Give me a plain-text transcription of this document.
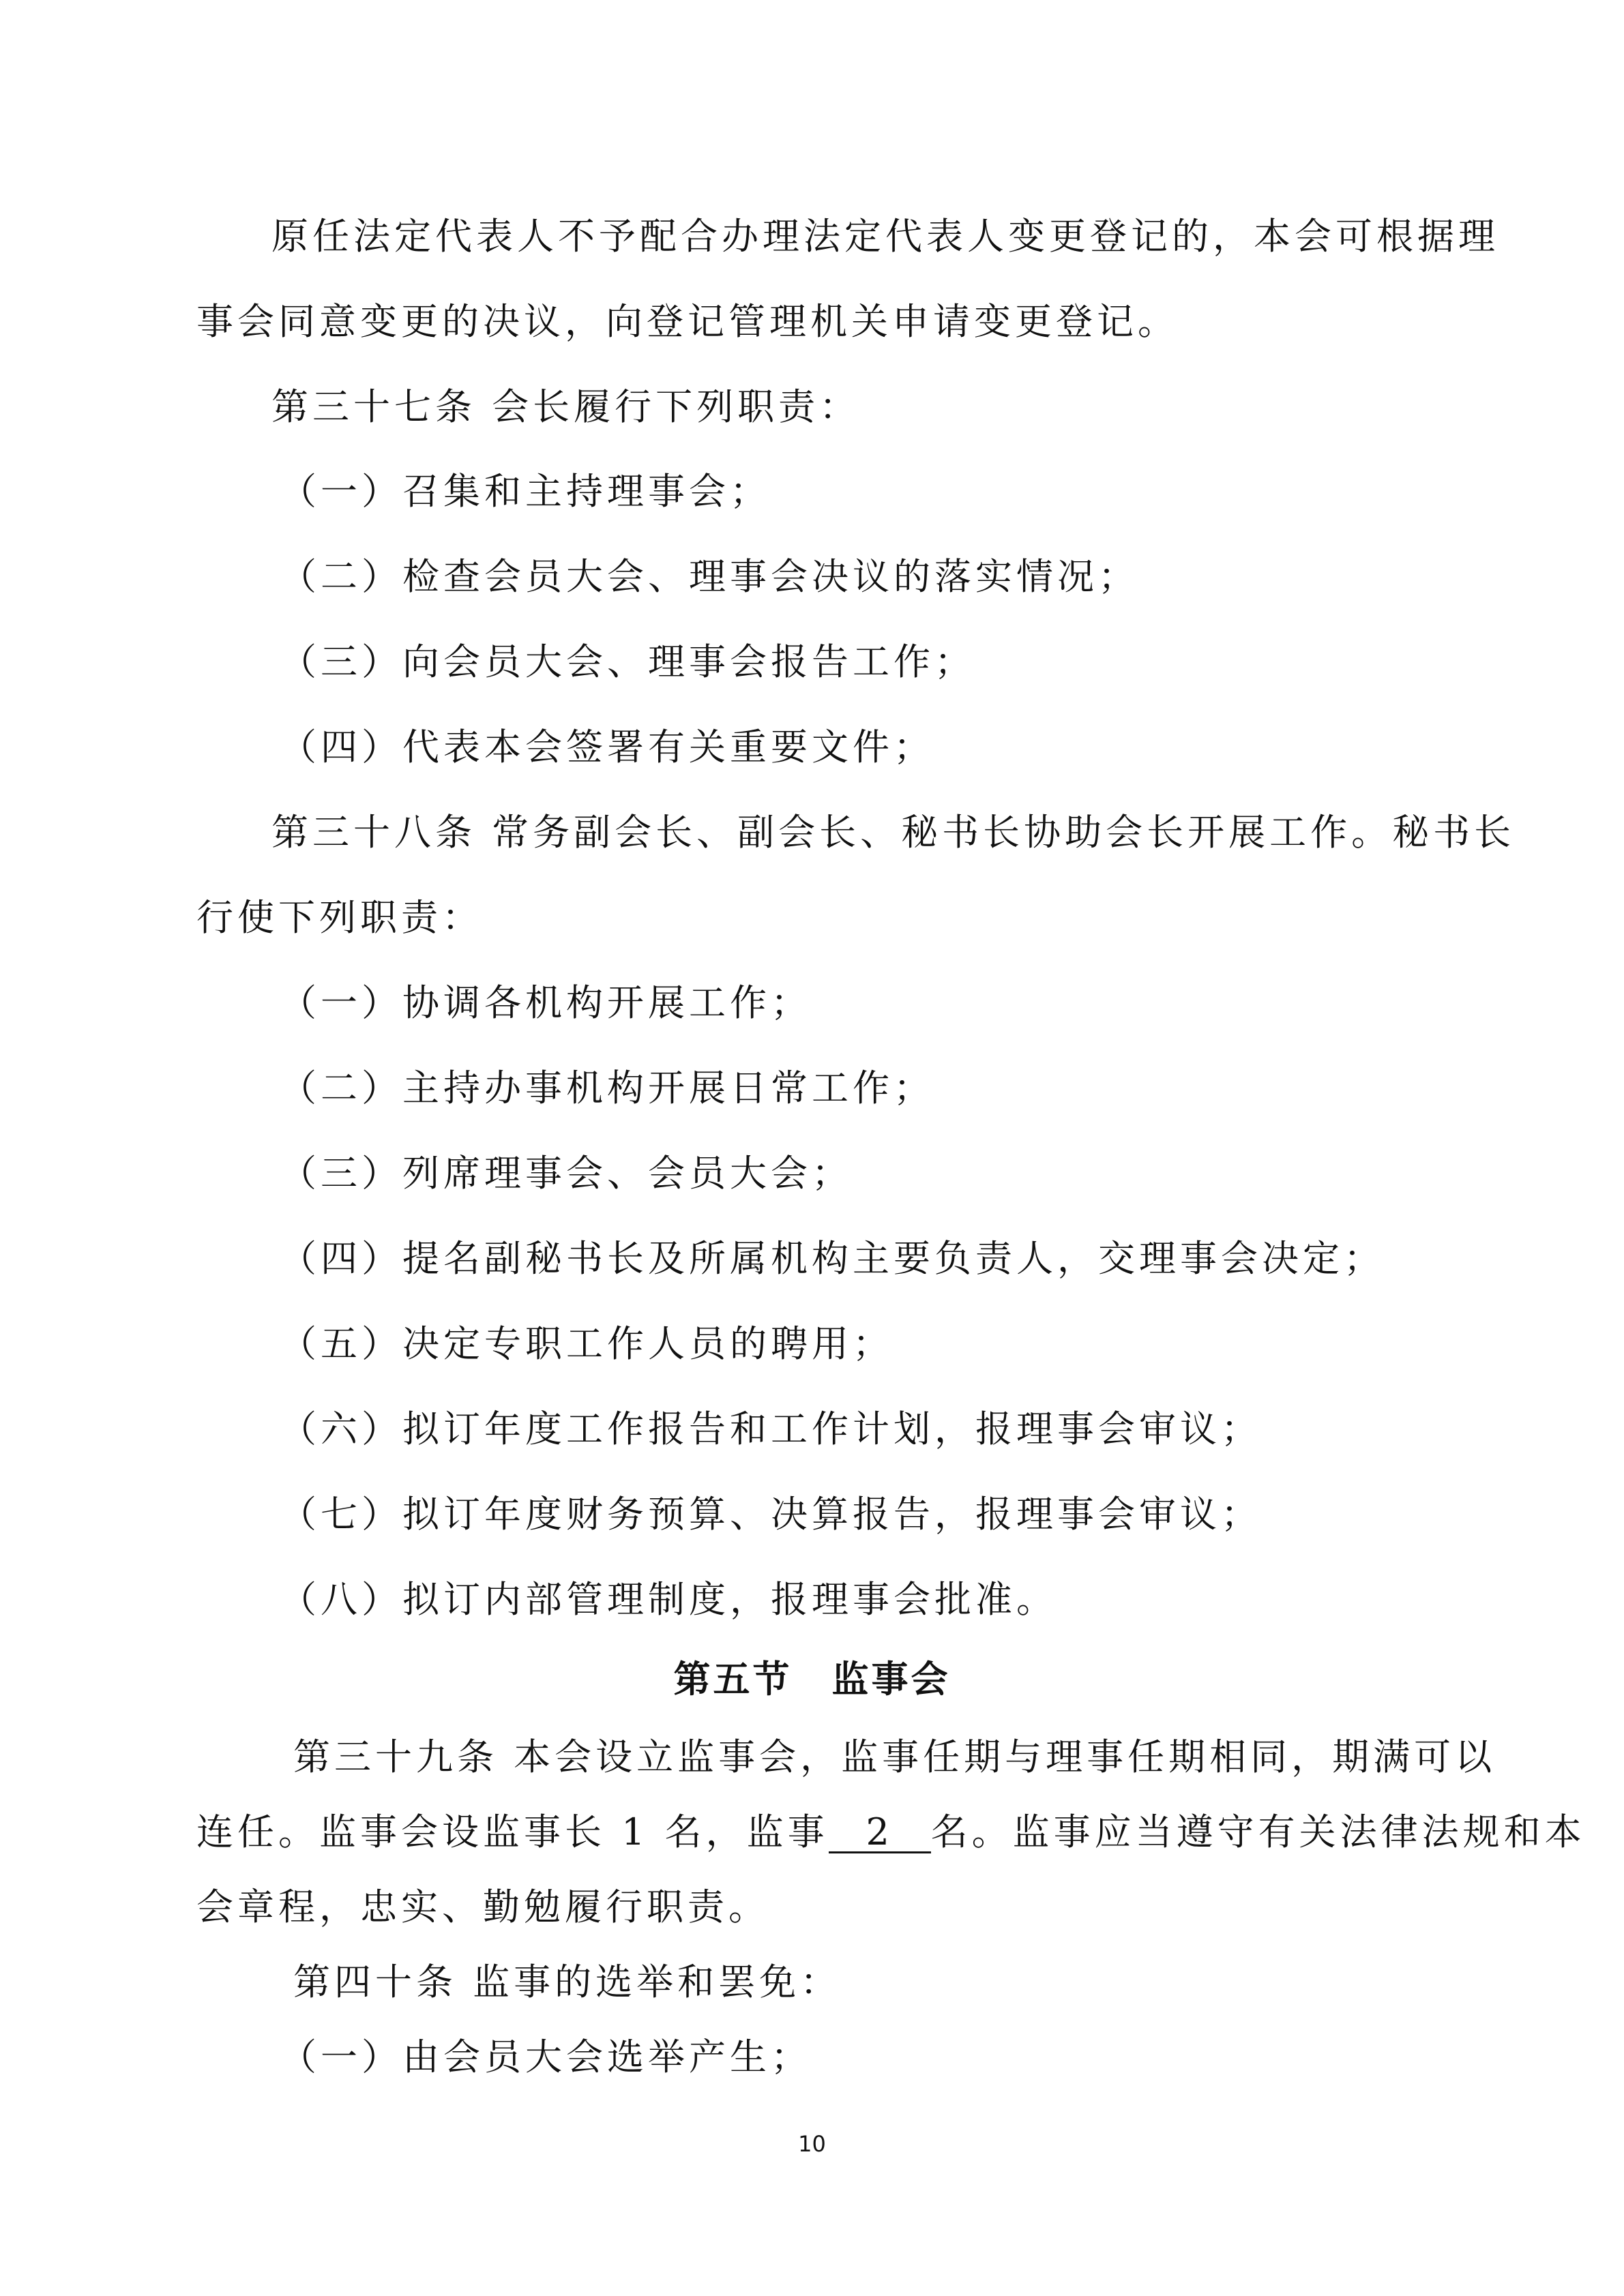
原任法定代表人不予配合办理法定代表人变更登记的，本会可根据理
事会同意变更的决议，向登记管理机关申请变更登记。
第三十七条 会长履行下列职责：
（一）召集和主持理事会；
（二）检查会员大会、理事会决议的落实情况；
（三）向会员大会、理事会报告工作；
（四）代表本会签署有关重要文件；
第三十八条 常务副会长、副会长、秘书长协助会长开展工作。秘书长
行使下列职责：
（一）协调各机构开展工作；
（二）主持办事机构开展日常工作；
（三）列席理事会、会员大会；
（四）提名副秘书长及所属机构主要负责人，交理事会决定；
（五）决定专职工作人员的聘用；
（六）拟订年度工作报告和工作计划，报理事会审议；
（七）拟订年度财务预算、决算报告，报理事会审议；
（八）拟订内部管理制度，报理事会批准。
第五节　监事会
第三十九条 本会设立监事会，监事任期与理事任期相同，期满可以
连任。监事会设监事长 1 名，监事 2 名。监事应当遵守有关法律法规和本
会章程，忠实、勤勉履行职责。
第四十条 监事的选举和罢免：
（一）由会员大会选举产生；
10
